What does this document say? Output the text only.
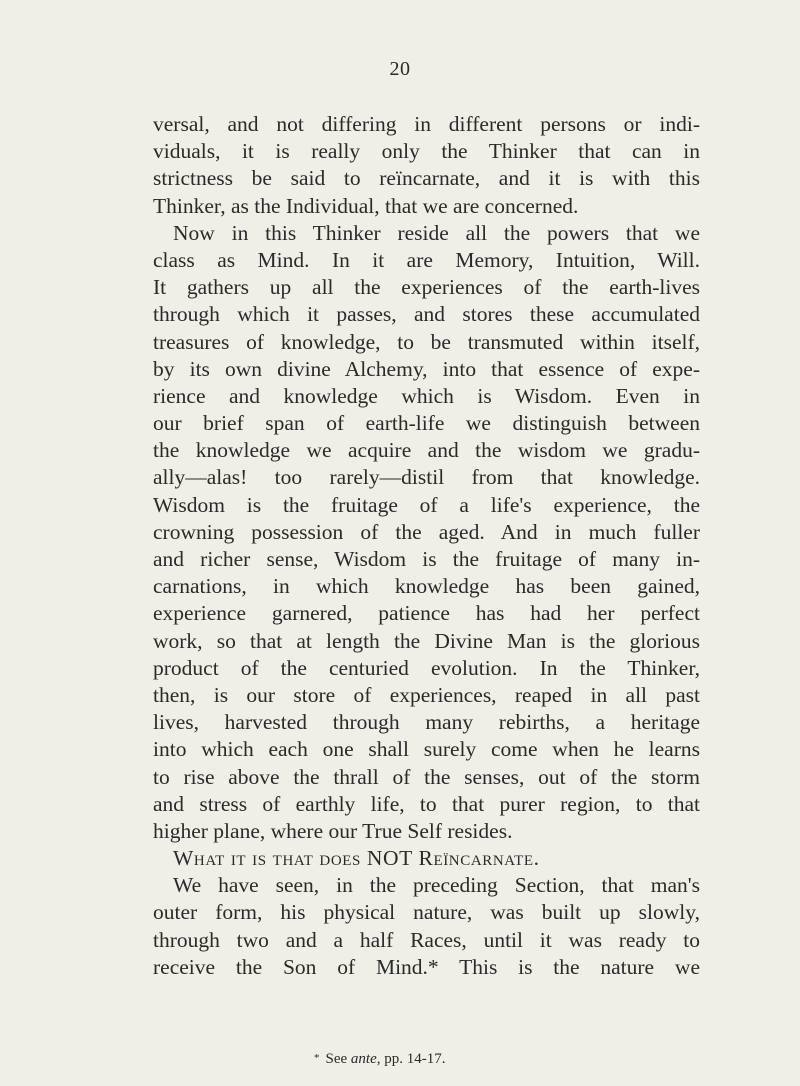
20
versal, and not differing in different persons or indi-
viduals, it is really only the Thinker that can in
strictness be said to reïncarnate, and it is with this
Thinker, as the Individual, that we are concerned.
Now in this Thinker reside all the powers that we
class as Mind. In it are Memory, Intuition, Will.
It gathers up all the experiences of the earth-lives
through which it passes, and stores these accumulated
treasures of knowledge, to be transmuted within itself,
by its own divine Alchemy, into that essence of expe-
rience and knowledge which is Wisdom. Even in
our brief span of earth-life we distinguish between
the knowledge we acquire and the wisdom we gradu-
ally—alas! too rarely—distil from that knowledge.
Wisdom is the fruitage of a life's experience, the
crowning possession of the aged. And in much fuller
and richer sense, Wisdom is the fruitage of many in-
carnations, in which knowledge has been gained,
experience garnered, patience has had her perfect
work, so that at length the Divine Man is the glorious
product of the centuried evolution. In the Thinker,
then, is our store of experiences, reaped in all past
lives, harvested through many rebirths, a heritage
into which each one shall surely come when he learns
to rise above the thrall of the senses, out of the storm
and stress of earthly life, to that purer region, to that
higher plane, where our True Self resides.
What it is that does NOT Reïncarnate.
We have seen, in the preceding Section, that man's
outer form, his physical nature, was built up slowly,
through two and a half Races, until it was ready to
receive the Son of Mind.* This is the nature we
* See ante, pp. 14-17.
